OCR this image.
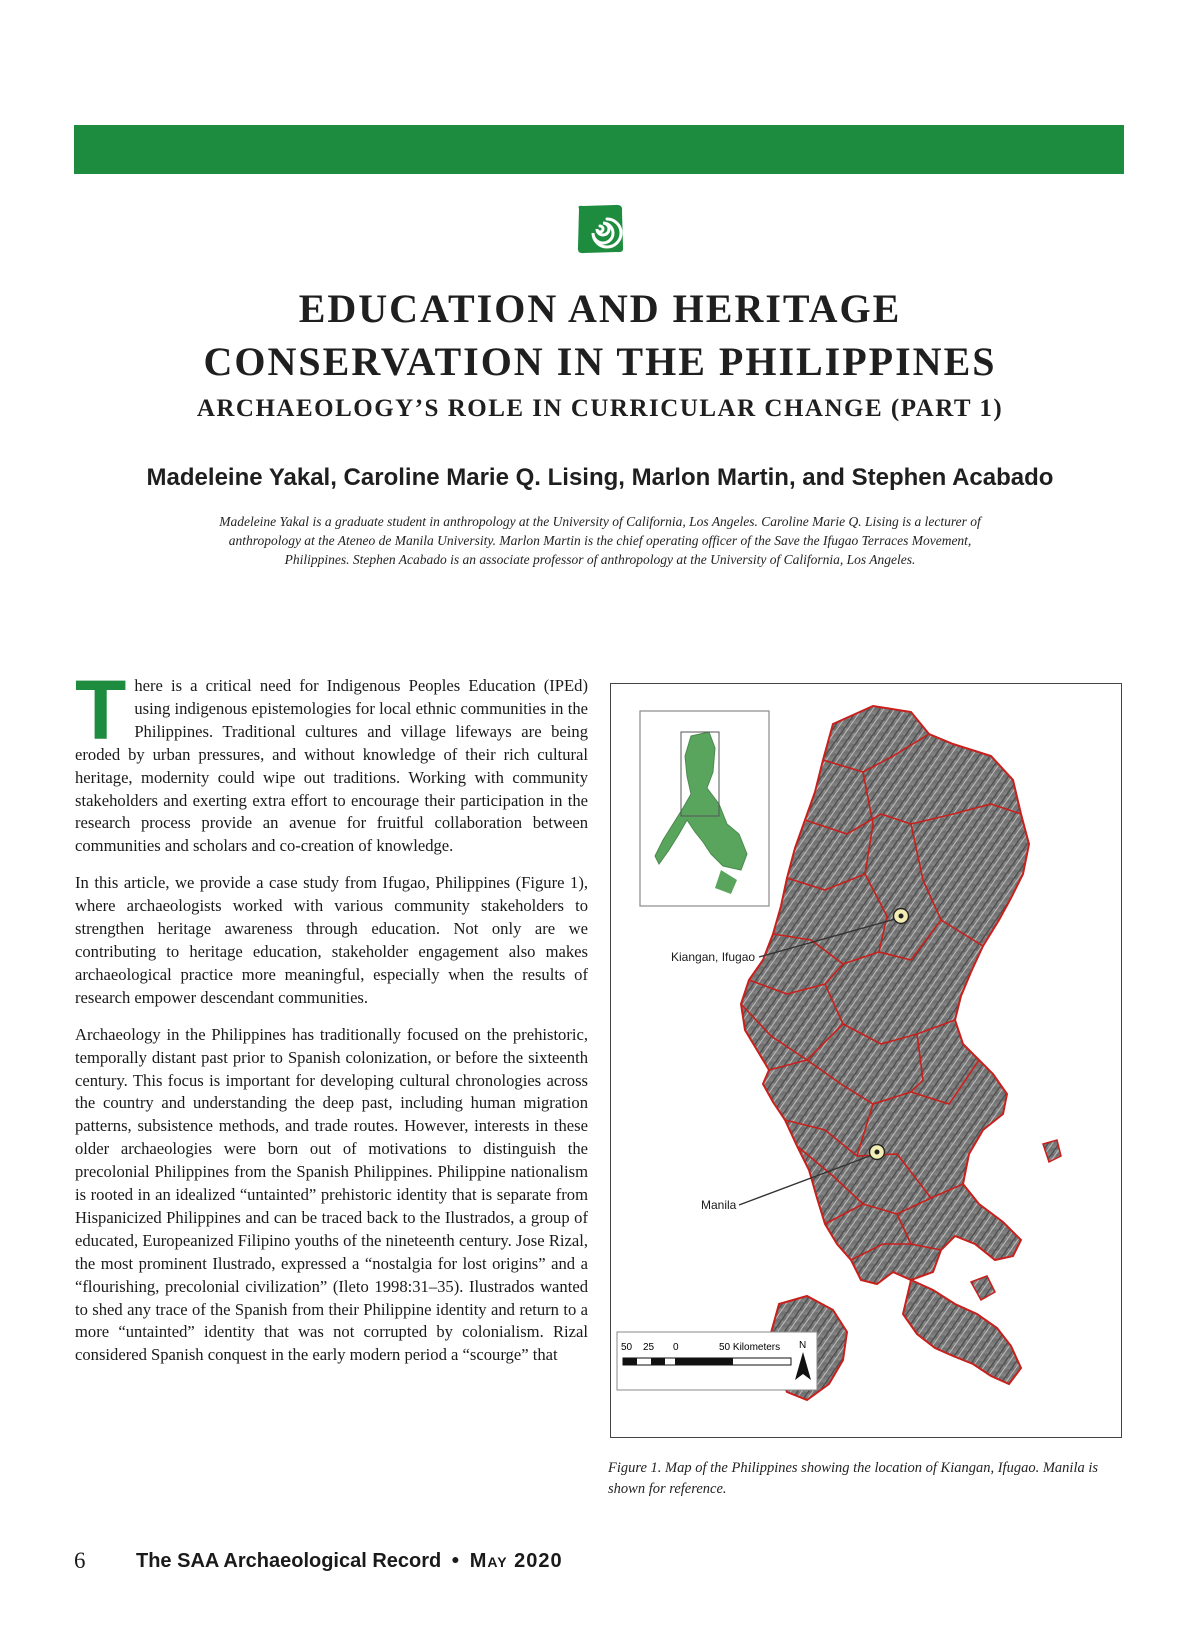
EDUCATION AND HERITAGE
CONSERVATION IN THE PHILIPPINES
ARCHAEOLOGY’S ROLE IN CURRICULAR CHANGE (PART 1)
Madeleine Yakal, Caroline Marie Q. Lising, Marlon Martin, and Stephen Acabado
Madeleine Yakal is a graduate student in anthropology at the University of California, Los Angeles. Caroline Marie Q. Lising is a lecturer of
anthropology at the Ateneo de Manila University. Marlon Martin is the chief operating officer of the Save the Ifugao Terraces Movement,
Philippines. Stephen Acabado is an associate professor of anthropology at the University of California, Los Angeles.

T here is a critical need for Indigenous Peoples Education (IPEd) using indigenous epistemologies for local ethnic communities in the Philippines. Traditional cultures and village lifeways are being eroded by urban pressures, and without knowledge of their rich cultural heritage, modernity could wipe out traditions. Working with community stakeholders and exerting extra effort to encourage their participation in the research process provide an avenue for fruitful collaboration between communities and scholars and co-creation of knowledge.

In this article, we provide a case study from Ifugao, Philippines (Figure 1), where archaeologists worked with various community stakeholders to strengthen heritage awareness through education. Not only are we contributing to heritage education, stakeholder engagement also makes archaeological practice more meaningful, especially when the results of research empower descendant communities.

Archaeology in the Philippines has traditionally focused on the prehistoric, temporally distant past prior to Spanish colonization, or before the sixteenth century. This focus is important for developing cultural chronologies across the country and understanding the deep past, including human migration patterns, subsistence methods, and trade routes. However, interests in these older archaeologies were born out of motivations to distinguish the precolonial Philippines from the Spanish Philippines. Philippine nationalism is rooted in an idealized “untainted” prehistoric identity that is separate from Hispanicized Philippines and can be traced back to the Ilustrados, a group of educated, Europeanized Filipino youths of the nineteenth century. Jose Rizal, the most prominent Ilustrado, expressed a “nostalgia for lost origins” and a “flourishing, precolonial civilization” (Ileto 1998:31–35). Ilustrados wanted to shed any trace of the Spanish from their Philippine identity and return to a more “untainted” identity that was not corrupted by colonialism. Rizal considered Spanish conquest in the early modern period a “scourge” that

Kiangan, Ifugao
Manila
50 25 0	50 Kilometers N
Figure 1. Map of the Philippines showing the location of Kiangan, Ifugao. Manila is shown for reference.
6	The SAA Archaeological Record ● May 2020
